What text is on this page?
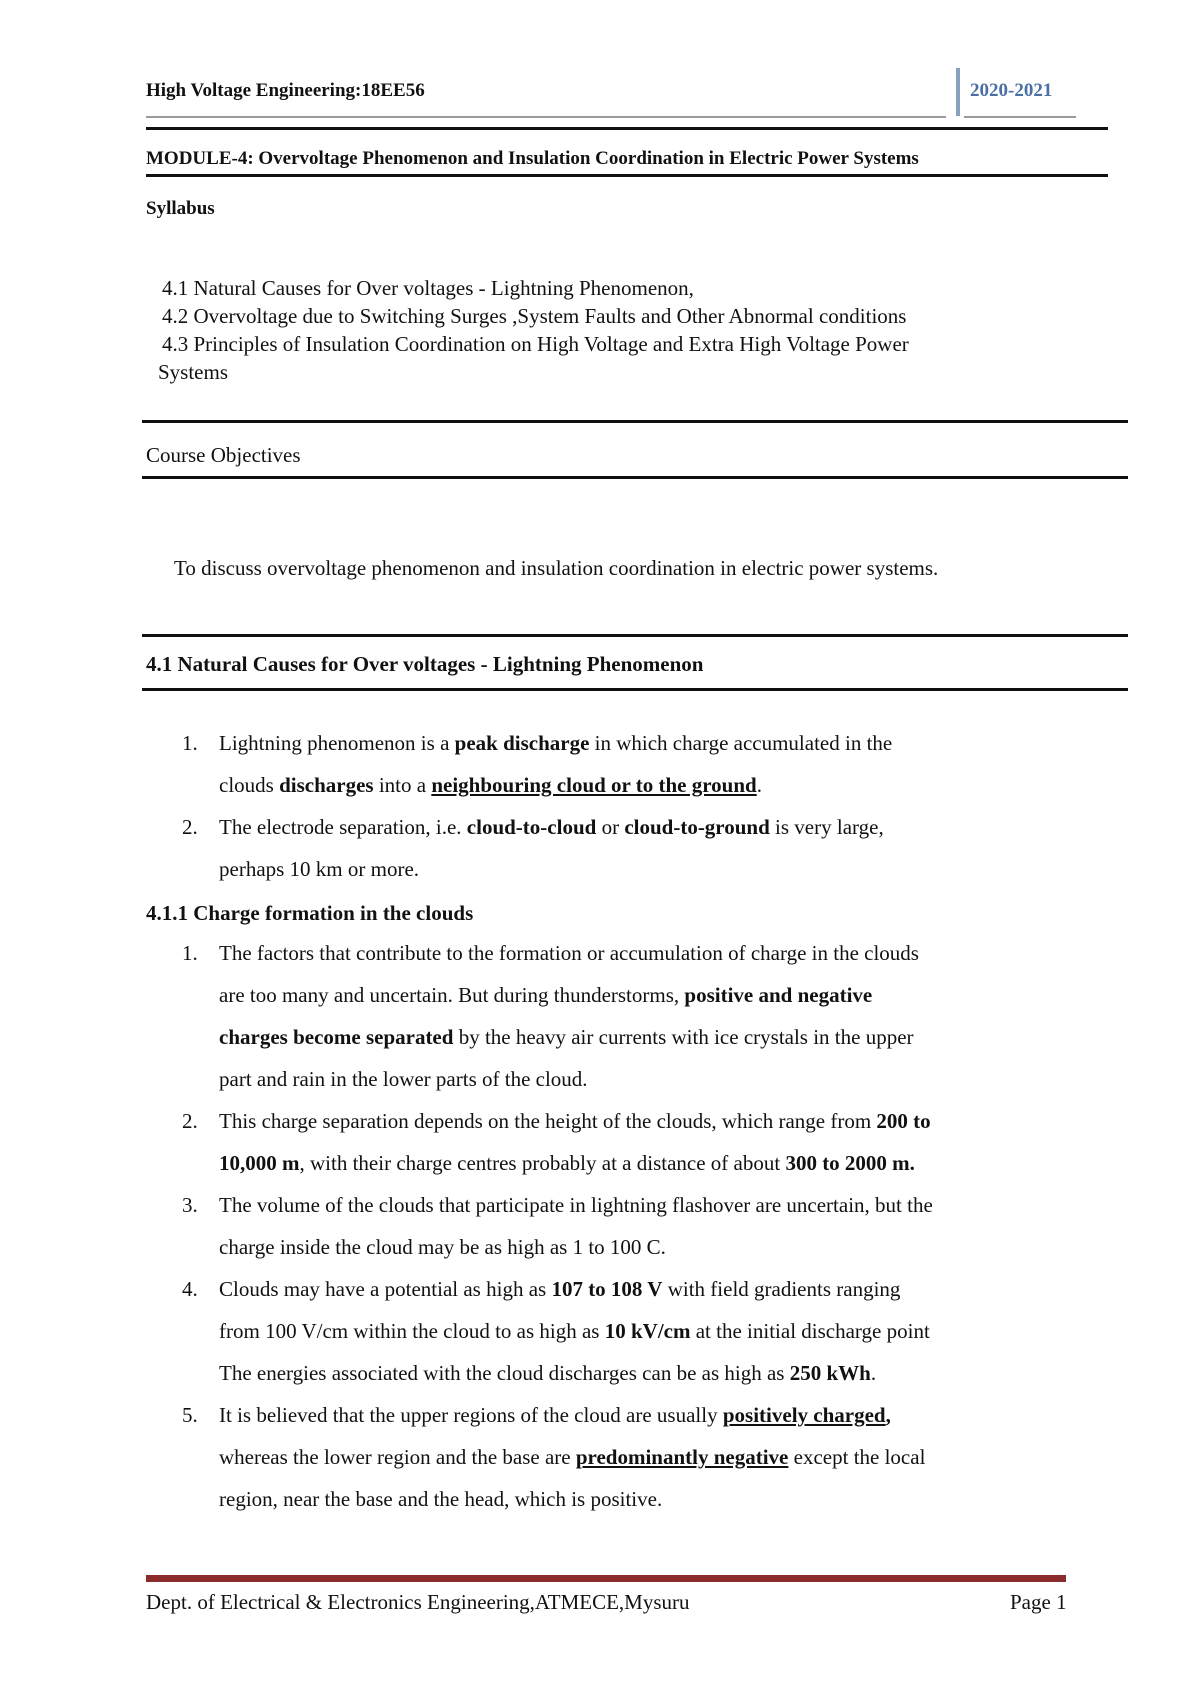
High Voltage Engineering:18EE56	2020-2021
MODULE-4: Overvoltage Phenomenon and Insulation Coordination in Electric Power Systems
Syllabus
4.1 Natural Causes for Over voltages - Lightning Phenomenon,
4.2 Overvoltage due to Switching Surges ,System Faults and Other Abnormal conditions
4.3 Principles of Insulation Coordination on High Voltage and Extra High Voltage Power
Systems
Course Objectives
To discuss overvoltage phenomenon and insulation coordination in electric power systems.
4.1 Natural Causes for Over voltages - Lightning Phenomenon
1.	Lightning phenomenon is a peak discharge in which charge accumulated in the
clouds discharges into a neighbouring cloud or to the ground.
2.	The electrode separation, i.e. cloud-to-cloud or cloud-to-ground is very large,
perhaps 10 km or more.
4.1.1 Charge formation in the clouds
1.	The factors that contribute to the formation or accumulation of charge in the clouds
are too many and uncertain. But during thunderstorms, positive and negative
charges become separated by the heavy air currents with ice crystals in the upper
part and rain in the lower parts of the cloud.
2.	This charge separation depends on the height of the clouds, which range from 200 to
10,000 m, with their charge centres probably at a distance of about 300 to 2000 m.
3.	The volume of the clouds that participate in lightning flashover are uncertain, but the
charge inside the cloud may be as high as 1 to 100 C.
4.	Clouds may have a potential as high as 107 to 108 V with field gradients ranging
from 100 V/cm within the cloud to as high as 10 kV/cm at the initial discharge point
The energies associated with the cloud discharges can be as high as 250 kWh.
5.	It is believed that the upper regions of the cloud are usually positively charged,
whereas the lower region and the base are predominantly negative except the local
region, near the base and the head, which is positive.
Dept. of Electrical & Electronics Engineering,ATMECE,Mysuru	Page 1
